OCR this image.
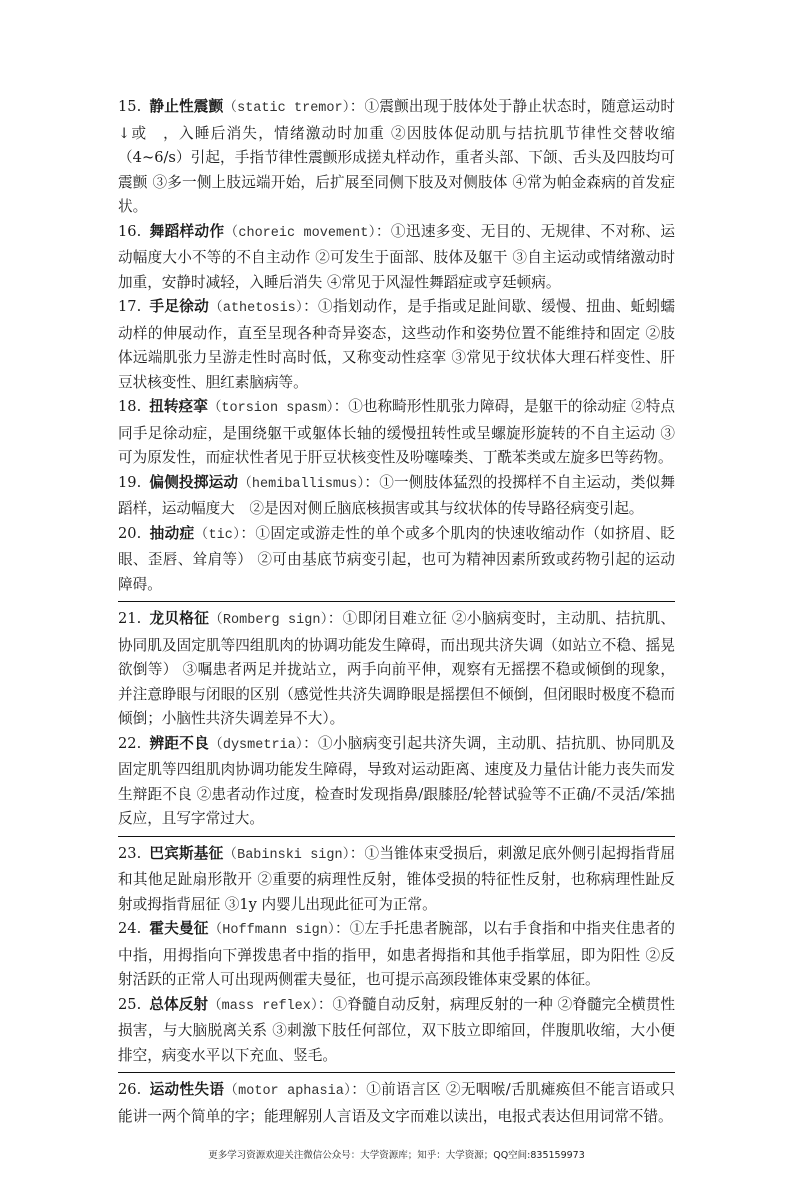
15. 静止性震颤（static tremor）：①震颤出现于肢体处于静止状态时，随意运动时↓或　，入睡后消失，情绪激动时加重 ②因肢体促动肌与拮抗肌节律性交替收缩（4~6/s）引起，手指节律性震颤形成搓丸样动作，重者头部、下颌、舌头及四肢均可震颤 ③多一侧上肢远端开始，后扩展至同侧下肢及对侧肢体 ④常为帕金森病的首发症状。

16. 舞蹈样动作（choreic movement）：①迅速多变、无目的、无规律、不对称、运动幅度大小不等的不自主动作 ②可发生于面部、肢体及躯干 ③自主运动或情绪激动时加重，安静时减轻，入睡后消失 ④常见于风湿性舞蹈症或亨廷顿病。

17. 手足徐动（athetosis）：①指划动作，是手指或足趾间歇、缓慢、扭曲、蚯蚓蠕动样的伸展动作，直至呈现各种奇异姿态，这些动作和姿势位置不能维持和固定 ②肢体远端肌张力呈游走性时高时低，又称变动性痉挛 ③常见于纹状体大理石样变性、肝豆状核变性、胆红素脑病等。

18. 扭转痉挛（torsion spasm）：①也称畸形性肌张力障碍，是躯干的徐动症 ②特点同手足徐动症，是围绕躯干或躯体长轴的缓慢扭转性或呈螺旋形旋转的不自主运动 ③可为原发性，而症状性者见于肝豆状核变性及吩噻嗪类、丁酰苯类或左旋多巴等药物。

19. 偏侧投掷运动（hemiballismus）：①一侧肢体猛烈的投掷样不自主运动，类似舞蹈样，运动幅度大　②是因对侧丘脑底核损害或其与纹状体的传导路径病变引起。

20. 抽动症（tic）：①固定或游走性的单个或多个肌肉的快速收缩动作（如挤眉、眨眼、歪唇、耸肩等） ②可由基底节病变引起，也可为精神因素所致或药物引起的运动障碍。

21. 龙贝格征（Romberg sign）：①即闭目难立征 ②小脑病变时，主动肌、拮抗肌、协同肌及固定肌等四组肌肉的协调功能发生障碍，而出现共济失调（如站立不稳、摇晃欲倒等） ③嘱患者两足并拢站立，两手向前平伸，观察有无摇摆不稳或倾倒的现象，并注意睁眼与闭眼的区别（感觉性共济失调睁眼是摇摆但不倾倒，但闭眼时极度不稳而倾倒；小脑性共济失调差异不大）。

22. 辨距不良（dysmetria）：①小脑病变引起共济失调，主动肌、拮抗肌、协同肌及固定肌等四组肌肉协调功能发生障碍，导致对运动距离、速度及力量估计能力丧失而发生辩距不良 ②患者动作过度，检查时发现指鼻/跟膝胫/轮替试验等不正确/不灵活/笨拙反应，且写字常过大。

23. 巴宾斯基征（Babinski sign）：①当锥体束受损后，刺激足底外侧引起拇指背屈和其他足趾扇形散开 ②重要的病理性反射，锥体受损的特征性反射，也称病理性趾反射或拇指背屈征 ③1y 内婴儿出现此征可为正常。

24. 霍夫曼征（Hoffmann sign）：①左手托患者腕部，以右手食指和中指夹住患者的中指，用拇指向下弹拨患者中指的指甲，如患者拇指和其他手指掌屈，即为阳性 ②反射活跃的正常人可出现两侧霍夫曼征，也可提示高颈段锥体束受累的体征。

25. 总体反射（mass reflex）：①脊髓自动反射，病理反射的一种 ②脊髓完全横贯性损害，与大脑脱离关系 ③刺激下肢任何部位，双下肢立即缩回，伴腹肌收缩，大小便排空，病变水平以下充血、竖毛。

26. 运动性失语（motor aphasia）：①前语言区 ②无咽喉/舌肌瘫痪但不能言语或只能讲一两个简单的字；能理解别人言语及文字而难以读出，电报式表达但用词常不错。

更多学习资源欢迎关注微信公众号：大学资源库；知乎：大学资源；QQ空间:835159973
